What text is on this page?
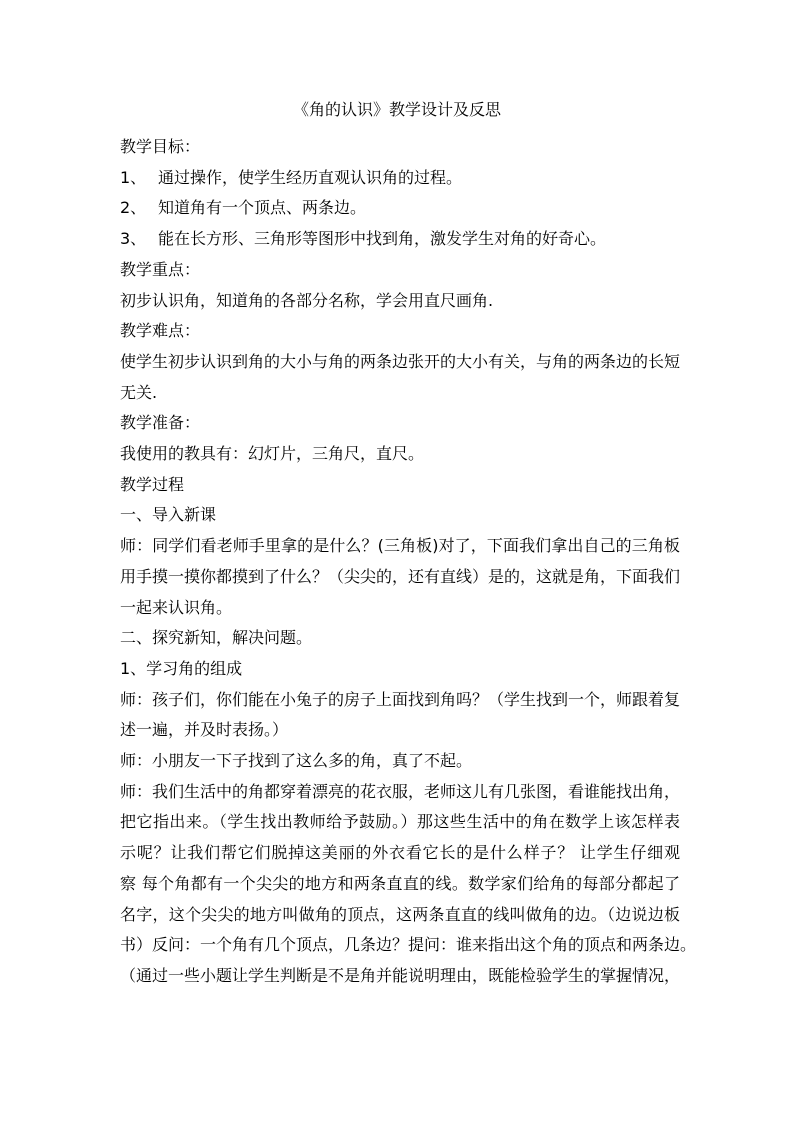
《角的认识》教学设计及反思

教学目标：

1、 通过操作，使学生经历直观认识角的过程。

2、 知道角有一个顶点、两条边。

3、 能在长方形、三角形等图形中找到角，激发学生对角的好奇心。

教学重点：

初步认识角，知道角的各部分名称，学会用直尺画角.

教学难点：

使学生初步认识到角的大小与角的两条边张开的大小有关，与角的两条边的长短

无关.

教学准备：

我使用的教具有：幻灯片，三角尺，直尺。

教学过程

一、导入新课

师：同学们看老师手里拿的是什么？(三角板)对了，下面我们拿出自己的三角板

用手摸一摸你都摸到了什么？（尖尖的，还有直线）是的，这就是角，下面我们

一起来认识角。

二、探究新知，解决问题。

1、学习角的组成

师：孩子们，你们能在小兔子的房子上面找到角吗？（学生找到一个，师跟着复

述一遍，并及时表扬。）

师：小朋友一下子找到了这么多的角，真了不起。

师：我们生活中的角都穿着漂亮的花衣服，老师这儿有几张图，看谁能找出角，

把它指出来。（学生找出教师给予鼓励。）那这些生活中的角在数学上该怎样表

示呢？让我们帮它们脱掉这美丽的外衣看它长的是什么样子？ 让学生仔细观

察 每个角都有一个尖尖的地方和两条直直的线。数学家们给角的每部分都起了

名字，这个尖尖的地方叫做角的顶点，这两条直直的线叫做角的边。（边说边板

书）反问：一个角有几个顶点，几条边？提问：谁来指出这个角的顶点和两条边。

（通过一些小题让学生判断是不是角并能说明理由，既能检验学生的掌握情况，
